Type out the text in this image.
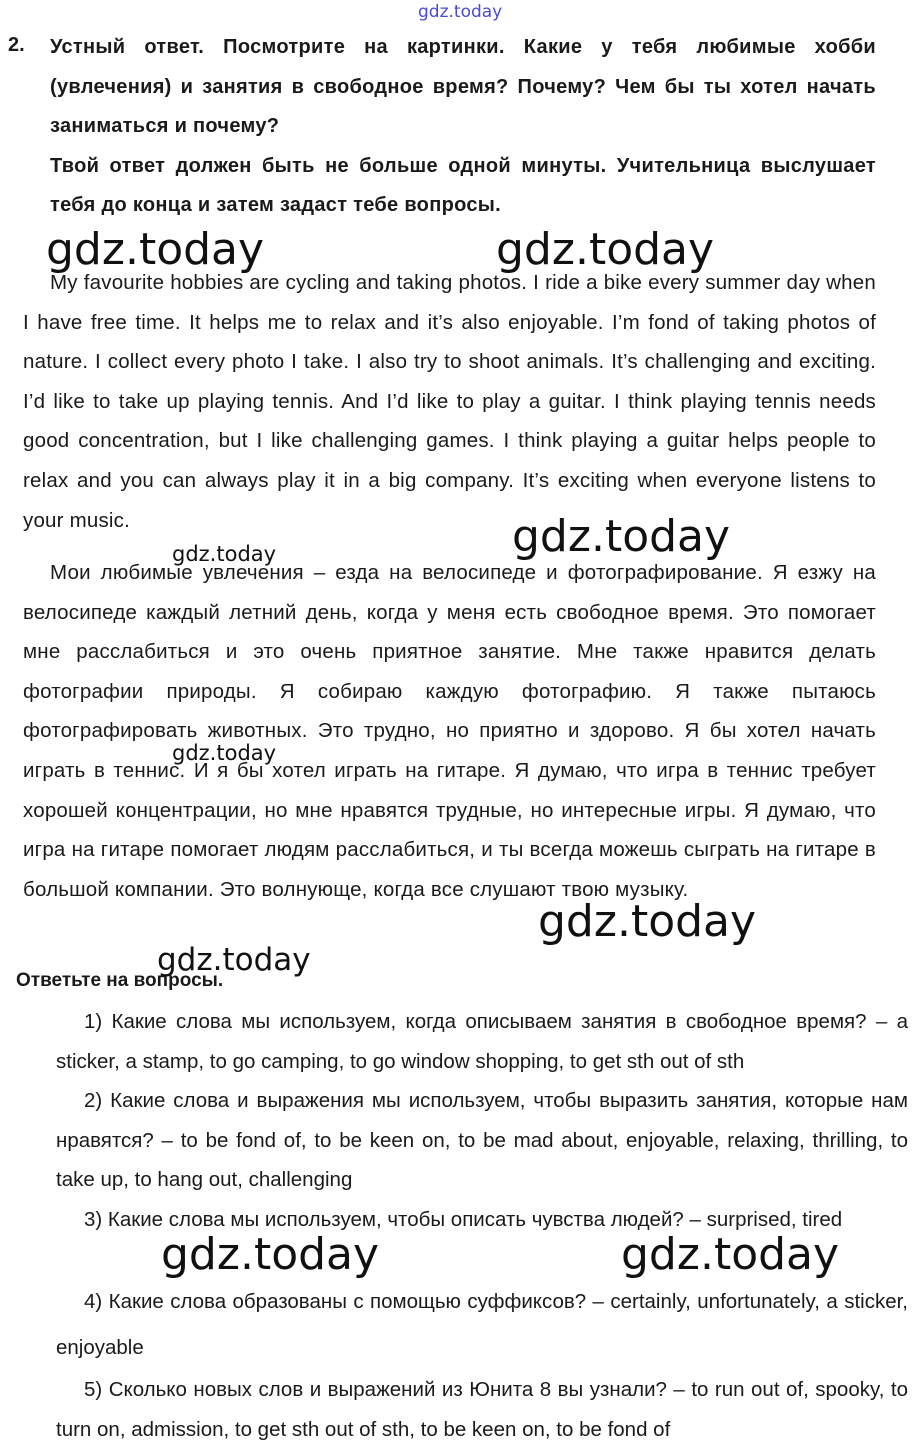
gdz.today
2. Устный ответ. Посмотрите на картинки. Какие у тебя любимые хобби (увлечения) и занятия в свободное время? Почему? Чем бы ты хотел начать заниматься и почему?
Твой ответ должен быть не больше одной минуты. Учительница выслушает тебя до конца и затем задаст тебе вопросы.
gdz.today	gdz.today
My favourite hobbies are cycling and taking photos. I ride a bike every summer day when I have free time. It helps me to relax and it’s also enjoyable. I’m fond of taking photos of nature. I collect every photo I take. I also try to shoot animals. It’s challenging and exciting. I’d like to take up playing tennis. And I’d like to play a guitar. I think playing tennis needs good concentration, but I like challenging games. I think playing a guitar helps people to relax and you can always play it in a big company. It’s exciting when everyone listens to your music.	gdz.today
gdz.today
Мои любимые увлечения – езда на велосипеде и фотографирование. Я езжу на велосипеде каждый летний день, когда у меня есть свободное время. Это помогает мне расслабиться и это очень приятное занятие. Мне также нравится делать фотографии природы. Я собираю каждую фотографию. Я также пытаюсь фотографировать животных. Это трудно, но приятно и здорово. Я бы хотел начать играть в теннис. И я бы хотел играть на гитаре. Я думаю, что игра в теннис требует хорошей концентрации, но мне нравятся трудные, но интересные игры. Я думаю, что игра на гитаре помогает людям расслабиться, и ты всегда можешь сыграть на гитаре в большой компании. Это волнующе, когда все слушают твою музыку.
gdz.today
gdz.today
gdz.today
Ответьте на вопросы.
1) Какие слова мы используем, когда описываем занятия в свободное время? – a sticker, a stamp, to go camping, to go window shopping, to get sth out of sth
2) Какие слова и выражения мы используем, чтобы выразить занятия, которые нам нравятся? – to be fond of, to be keen on, to be mad about, enjoyable, relaxing, thrilling, to take up, to hang out, challenging
3) Какие слова мы используем, чтобы описать чувства людей? – surprised, tired
gdz.today	gdz.today
4) Какие слова образованы с помощью суффиксов? – certainly, unfortunately, a sticker, enjoyable
5) Сколько новых слов и выражений из Юнита 8 вы узнали? – to run out of, spooky, to turn on, admission, to get sth out of sth, to be keen on, to be fond of
